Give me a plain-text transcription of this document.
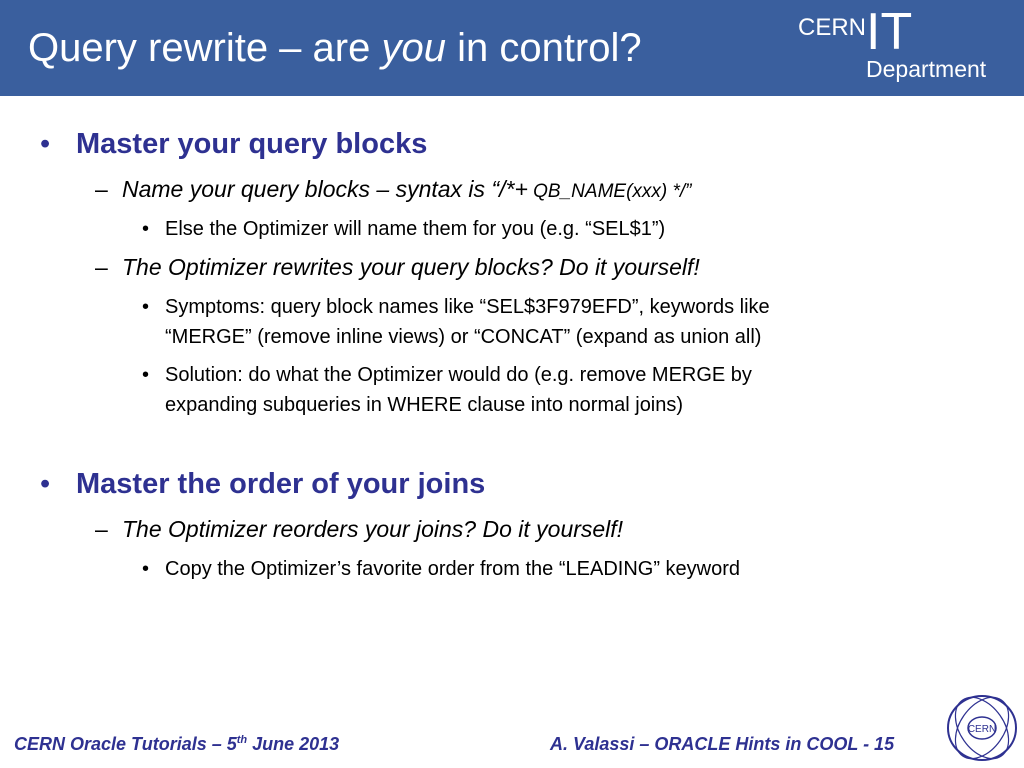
Query rewrite – are you in control?	CERN IT
Department
• Master your query blocks
– Name your query blocks – syntax is “/*+ QB_NAME(xxx) */”
• Else the Optimizer will name them for you (e.g. “SEL$1”)
– The Optimizer rewrites your query blocks? Do it yourself!
• Symptoms: query block names like “SEL$3F979EFD”, keywords like
“MERGE” (remove inline views) or “CONCAT” (expand as union all)
• Solution: do what the Optimizer would do (e.g. remove MERGE by
expanding subqueries in WHERE clause into normal joins)
• Master the order of your joins
– The Optimizer reorders your joins? Do it yourself!
• Copy the Optimizer’s favorite order from the “LEADING” keyword
CERN Oracle Tutorials – 5th June 2013	A. Valassi – ORACLE Hints in COOL - 15
CERN
